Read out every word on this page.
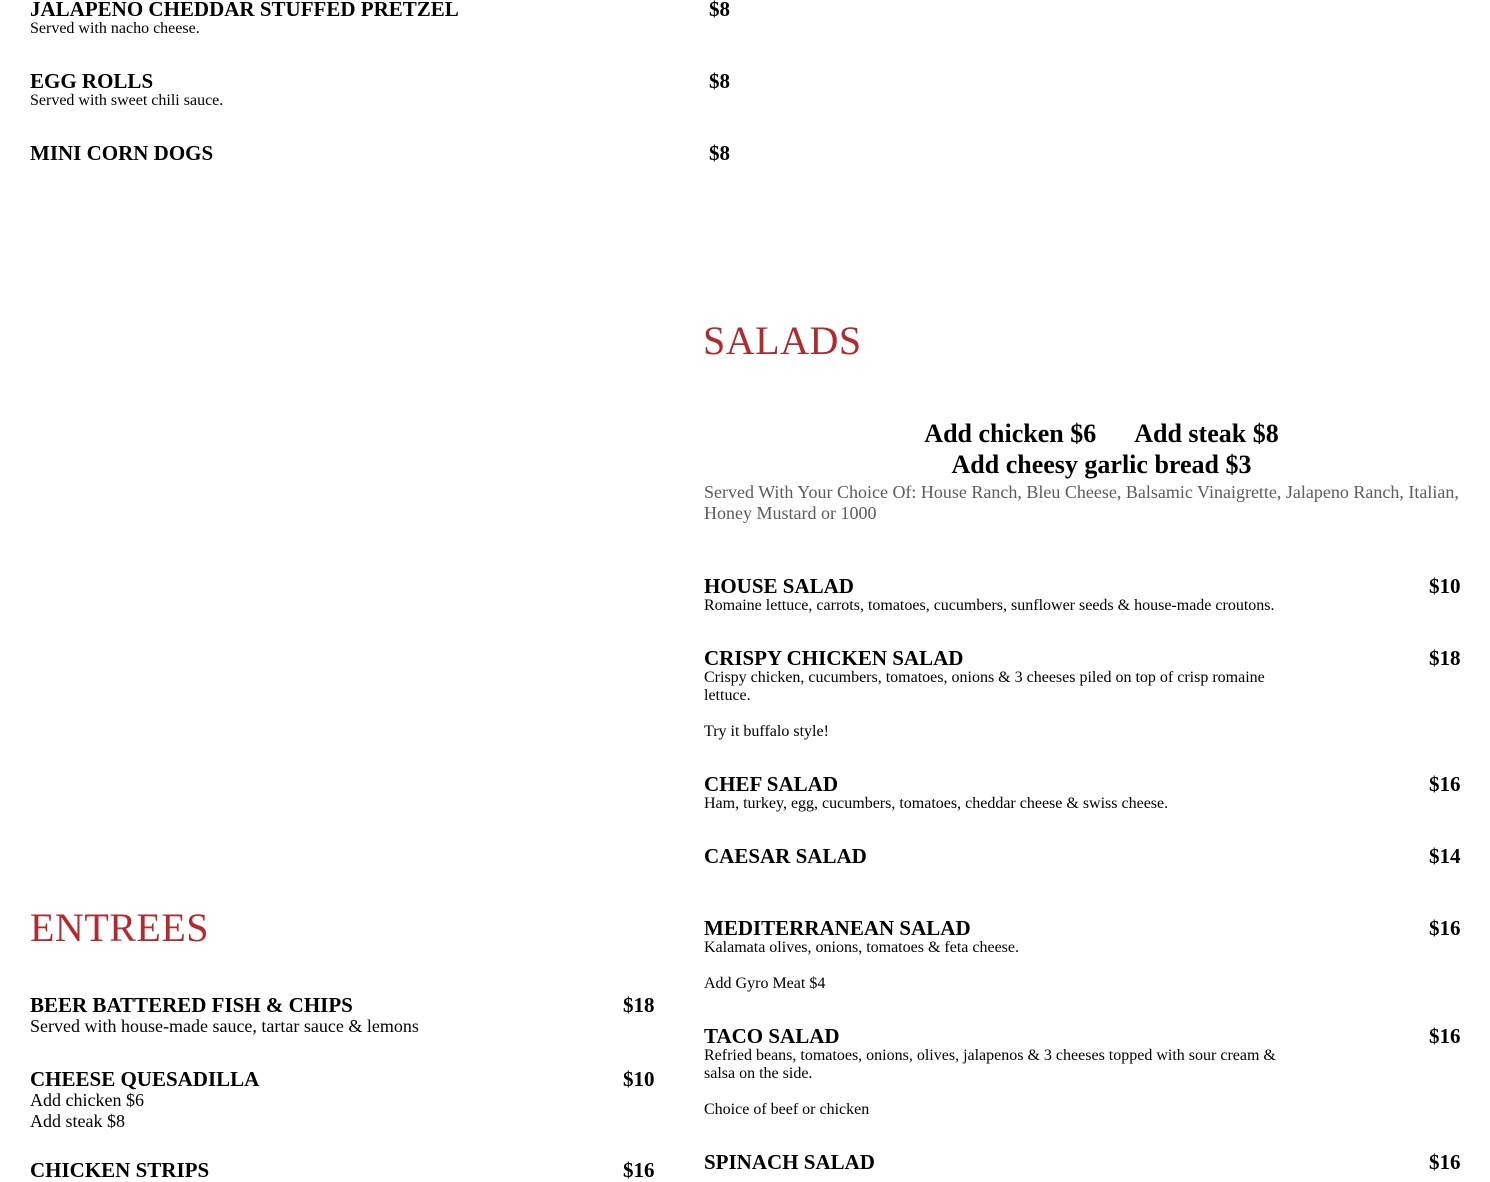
JALAPENO CHEDDAR STUFFED PRETZEL	$8
Served with nacho cheese.
EGG ROLLS	$8
Served with sweet chili sauce.
MINI CORN DOGS	$8
SALADS
Add chicken $6 Add steak $8
Add cheesy garlic bread $3
Served With Your Choice Of: House Ranch, Bleu Cheese, Balsamic Vinaigrette, Jalapeno Ranch, Italian, Honey Mustard or 1000
HOUSE SALAD	$10
Romaine lettuce, carrots, tomatoes, cucumbers, sunflower seeds & house-made croutons.
CRISPY CHICKEN SALAD	$18
Crispy chicken, cucumbers, tomatoes, onions & 3 cheeses piled on top of crisp romaine lettuce.
Try it buffalo style!
CHEF SALAD	$16
Ham, turkey, egg, cucumbers, tomatoes, cheddar cheese & swiss cheese.
CAESAR SALAD	$14
MEDITERRANEAN SALAD	$16
Kalamata olives, onions, tomatoes & feta cheese.
Add Gyro Meat $4
TACO SALAD	$16
Refried beans, tomatoes, onions, olives, jalapenos & 3 cheeses topped with sour cream & salsa on the side.
Choice of beef or chicken
SPINACH SALAD	$16
ENTREES
BEER BATTERED FISH & CHIPS	$18
Served with house-made sauce, tartar sauce & lemons
CHEESE QUESADILLA	$10
Add chicken $6
Add steak $8
CHICKEN STRIPS	$16
